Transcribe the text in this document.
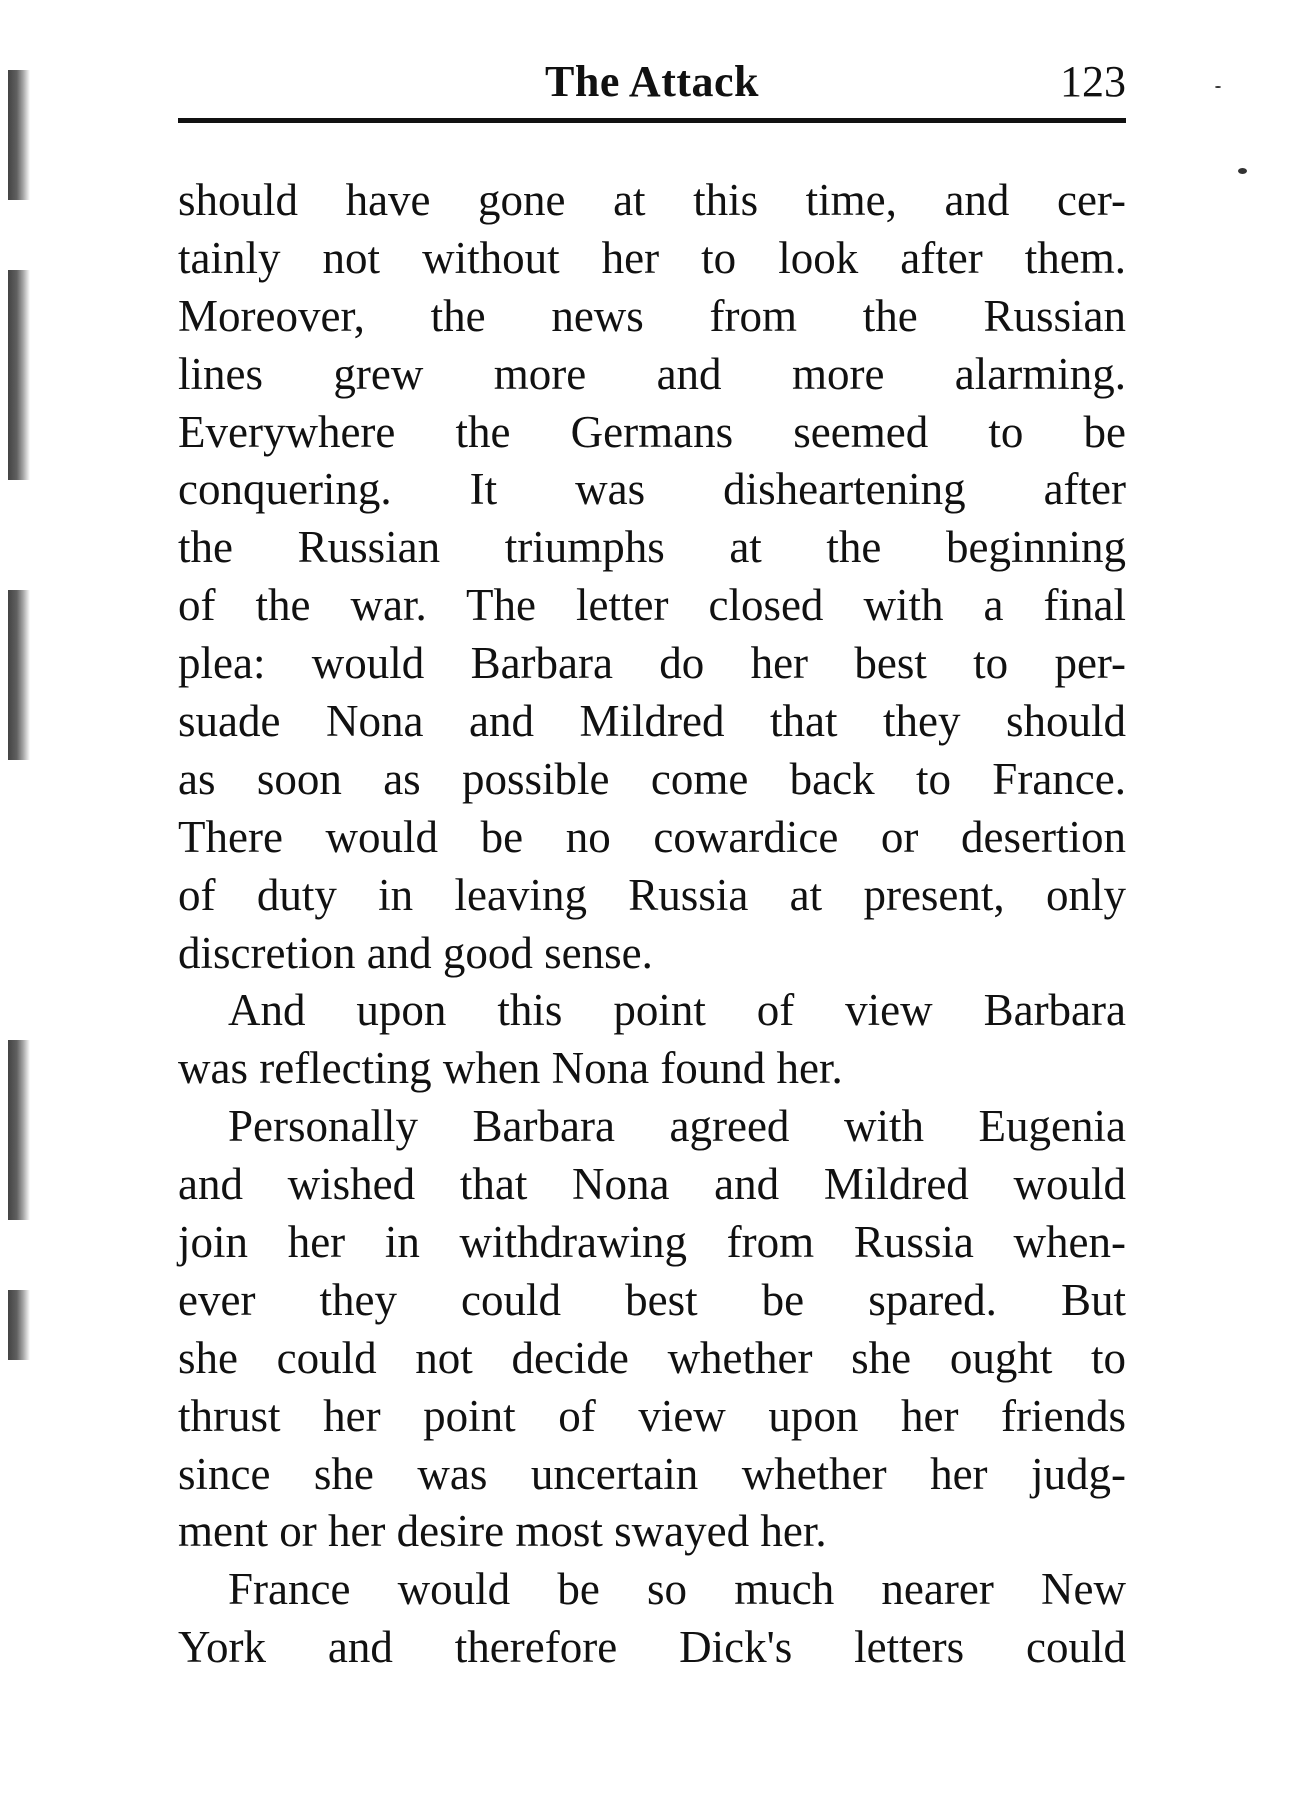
The Attack	123
should have gone at this time, and cer-
tainly not without her to look after them.
Moreover, the news from the Russian
lines grew more and more alarming.
Everywhere the Germans seemed to be
conquering. It was disheartening after
the Russian triumphs at the beginning
of the war. The letter closed with a final
plea: would Barbara do her best to per-
suade Nona and Mildred that they should
as soon as possible come back to France.
There would be no cowardice or desertion
of duty in leaving Russia at present, only
discretion and good sense.
And upon this point of view Barbara
was reflecting when Nona found her.
Personally Barbara agreed with Eugenia
and wished that Nona and Mildred would
join her in withdrawing from Russia when-
ever they could best be spared. But
she could not decide whether she ought to
thrust her point of view upon her friends
since she was uncertain whether her judg-
ment or her desire most swayed her.
France would be so much nearer New
York and therefore Dick's letters could
